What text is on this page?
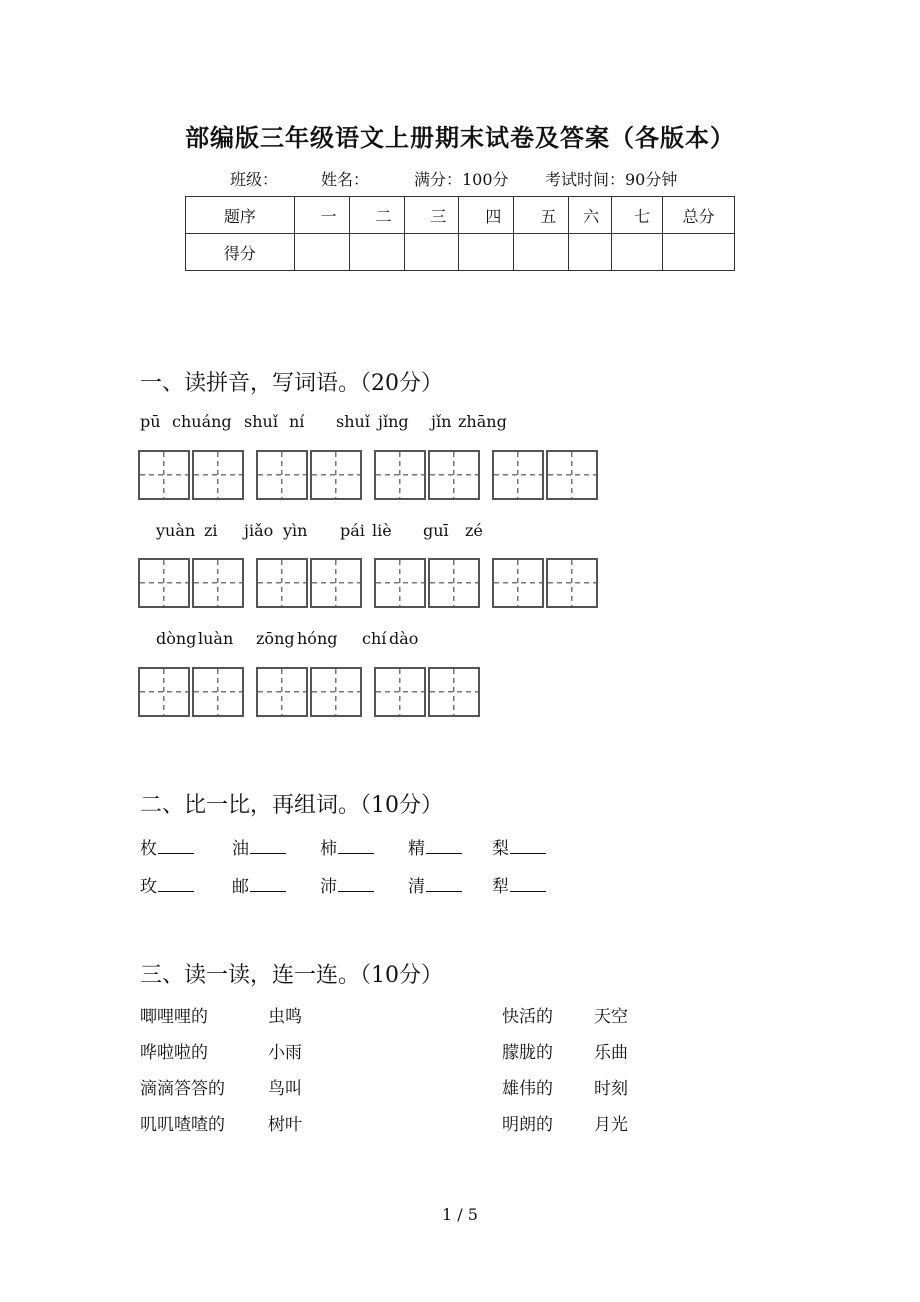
部编版三年级语文上册期末试卷及答案（各版本）
班级：	姓名：	满分：100分 考试时间：90分钟
题序	一	二	三	四	五	六	七	总分
得分								
一、读拼音，写词语。（20分）
pū chuáng shuǐ ní shuǐ jǐng jǐn zhāng
yuàn zi jiǎo yìn pái liè guī zé
dòng luàn zōng hóng chí dào
二、比一比，再组词。（10分）
枚	油	柿	精	梨
玫	邮	沛	清	犁
三、读一读，连一连。（10分）
唧哩哩的	虫鸣	快活的 天空
哗啦啦的	小雨	朦胧的 乐曲
滴滴答答的	鸟叫	雄伟的 时刻
叽叽喳喳的	树叶	明朗的 月光
1 / 5
